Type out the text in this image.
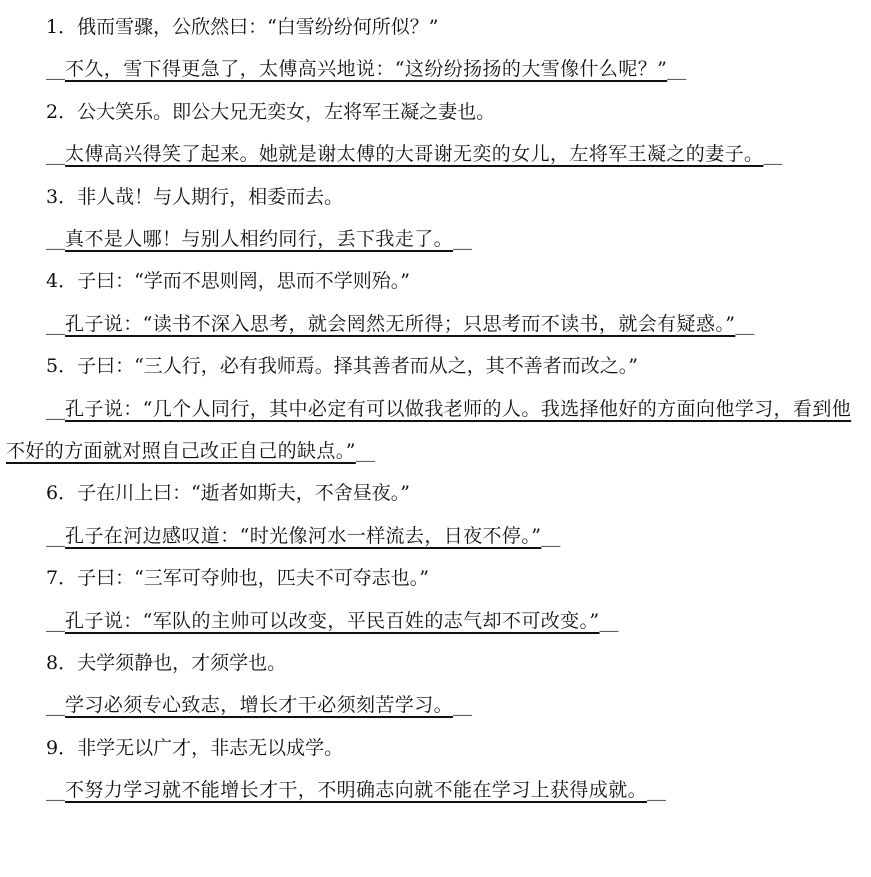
1．俄而雪骤，公欣然曰：“白雪纷纷何所似？”

__不久，雪下得更急了，太傅高兴地说：“这纷纷扬扬的大雪像什么呢？”__

2．公大笑乐。即公大兄无奕女，左将军王凝之妻也。

__太傅高兴得笑了起来。她就是谢太傅的大哥谢无奕的女儿，左将军王凝之的妻子。__

3．非人哉！与人期行，相委而去。

__真不是人哪！与别人相约同行，丢下我走了。__

4．子曰：“学而不思则罔，思而不学则殆。”

__孔子说：“读书不深入思考，就会罔然无所得；只思考而不读书，就会有疑惑。”__

5．子曰：“三人行，必有我师焉。择其善者而从之，其不善者而改之。”

__孔子说：“几个人同行，其中必定有可以做我老师的人。我选择他好的方面向他学习，看到他不好的方面就对照自己改正自己的缺点。”__

6．子在川上曰：“逝者如斯夫，不舍昼夜。”

__孔子在河边感叹道：“时光像河水一样流去，日夜不停。”__

7．子曰：“三军可夺帅也，匹夫不可夺志也。”

__孔子说：“军队的主帅可以改变，平民百姓的志气却不可改变。”__

8．夫学须静也，才须学也。

__学习必须专心致志，增长才干必须刻苦学习。__

9．非学无以广才，非志无以成学。

__不努力学习就不能增长才干，不明确志向就不能在学习上获得成就。__
